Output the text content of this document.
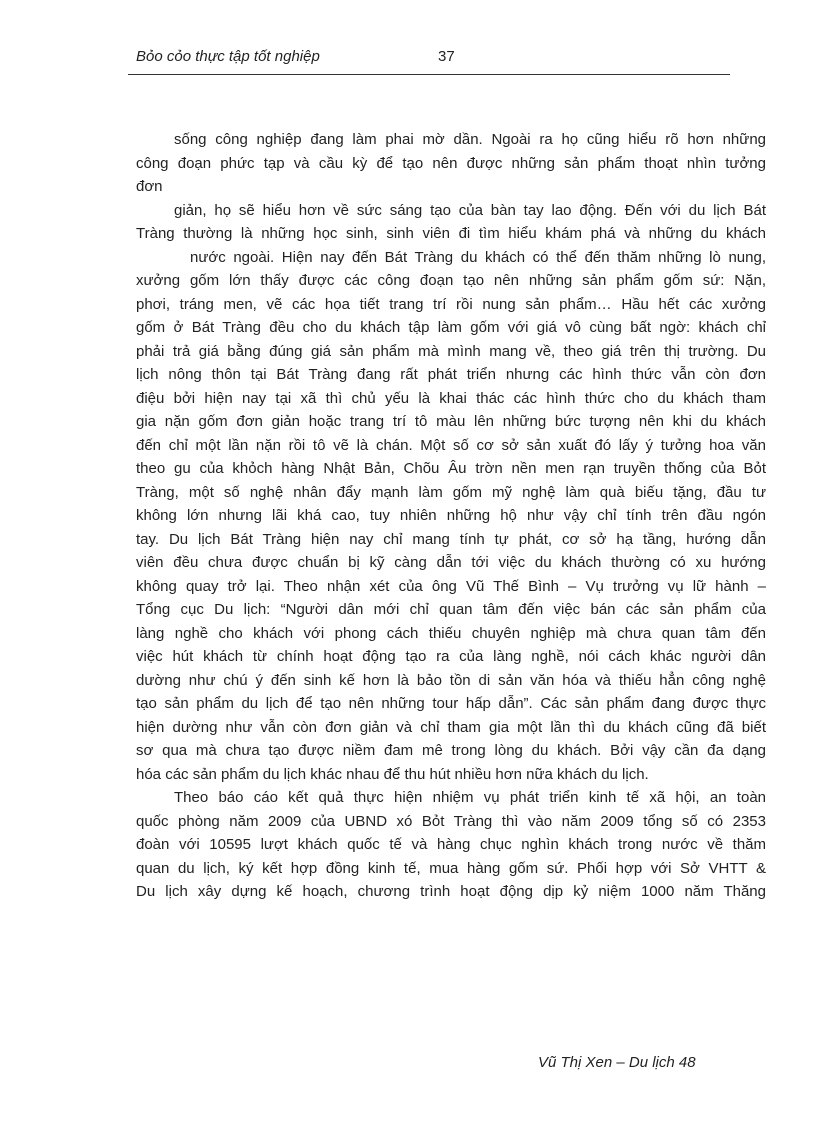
Bỏo cỏo thực tập tốt nghiệp	37
sống công nghiệp đang làm phai mờ dần. Ngoài ra họ cũng hiểu rõ hơn những
công đoạn phức tạp và cầu kỳ để tạo nên được những sản phẩm thoạt nhìn tưởng
đơn
giản, họ sẽ hiểu hơn về sức sáng tạo của bàn tay lao động. Đến với du lịch Bát
Tràng thường là những học sinh, sinh viên đi tìm hiểu khám phá và những du khách
nước ngoài. Hiện nay đến Bát Tràng du khách có thể đến thăm những lò nung,
xưởng gốm lớn thấy được các công đoạn tạo nên những sản phẩm gốm sứ: Nặn,
phơi, tráng men, vẽ các họa tiết trang trí rồi nung sản phẩm… Hầu hết các xưởng
gốm ở Bát Tràng đều cho du khách tập làm gốm với giá vô cùng bất ngờ: khách chỉ
phải trả giá bằng đúng giá sản phẩm mà mình mang về, theo giá trên thị trường. Du
lịch nông thôn tại Bát Tràng đang rất phát triển nhưng các hình thức vẫn còn đơn
điệu bởi hiện nay tại xã thì chủ yếu là khai thác các hình thức cho du khách tham
gia nặn gốm đơn giản hoặc trang trí tô màu lên những bức tượng nên khi du khách
đến chỉ một lần nặn rồi tô vẽ là chán. Một số cơ sở sản xuất đó lấy ý tưởng hoa văn
theo gu của khỏch hàng Nhật Bản, Chõu Âu trờn nền men rạn truyền thống của Bỏt
Tràng, một số nghệ nhân đẩy mạnh làm gốm mỹ nghệ làm quà biếu tặng, đầu tư
không lớn nhưng lãi khá cao, tuy nhiên những hộ như vậy chỉ tính trên đầu ngón
tay. Du lịch Bát Tràng hiện nay chỉ mang tính tự phát, cơ sở hạ tầng, hướng dẫn
viên đều chưa được chuẩn bị kỹ càng dẫn tới việc du khách thường có xu hướng
không quay trở lại. Theo nhận xét của ông Vũ Thế Bình – Vụ trưởng vụ lữ hành –
Tổng cục Du lịch: “Người dân mới chỉ quan tâm đến việc bán các sản phẩm của
làng nghề cho khách với phong cách thiếu chuyên nghiệp mà chưa quan tâm đến
việc hút khách từ chính hoạt động tạo ra của làng nghề, nói cách khác người dân
dường như chú ý đến sinh kế hơn là bảo tồn di sản văn hóa và thiếu hẳn công nghệ
tạo sản phẩm du lịch để tạo nên những tour hấp dẫn”. Các sản phẩm đang được thực
hiện dường như vẫn còn đơn giản và chỉ tham gia một lần thì du khách cũng đã biết
sơ qua mà chưa tạo được niềm đam mê trong lòng du khách. Bởi vậy cần đa dạng
hóa các sản phẩm du lịch khác nhau để thu hút nhiều hơn nữa khách du lịch.
Theo báo cáo kết quả thực hiện nhiệm vụ phát triển kinh tế xã hội, an toàn
quốc phòng năm 2009 của UBND xó Bỏt Tràng thì vào năm 2009 tổng số có 2353
đoàn với 10595 lượt khách quốc tế và hàng chục nghìn khách trong nước về thăm
quan du lịch, ký kết hợp đồng kinh tế, mua hàng gốm sứ. Phối hợp với Sở VHTT &
Du lịch xây dựng kế hoạch, chương trình hoạt động dịp kỷ niệm 1000 năm Thăng
Vũ Thị Xen – Du lịch 48
